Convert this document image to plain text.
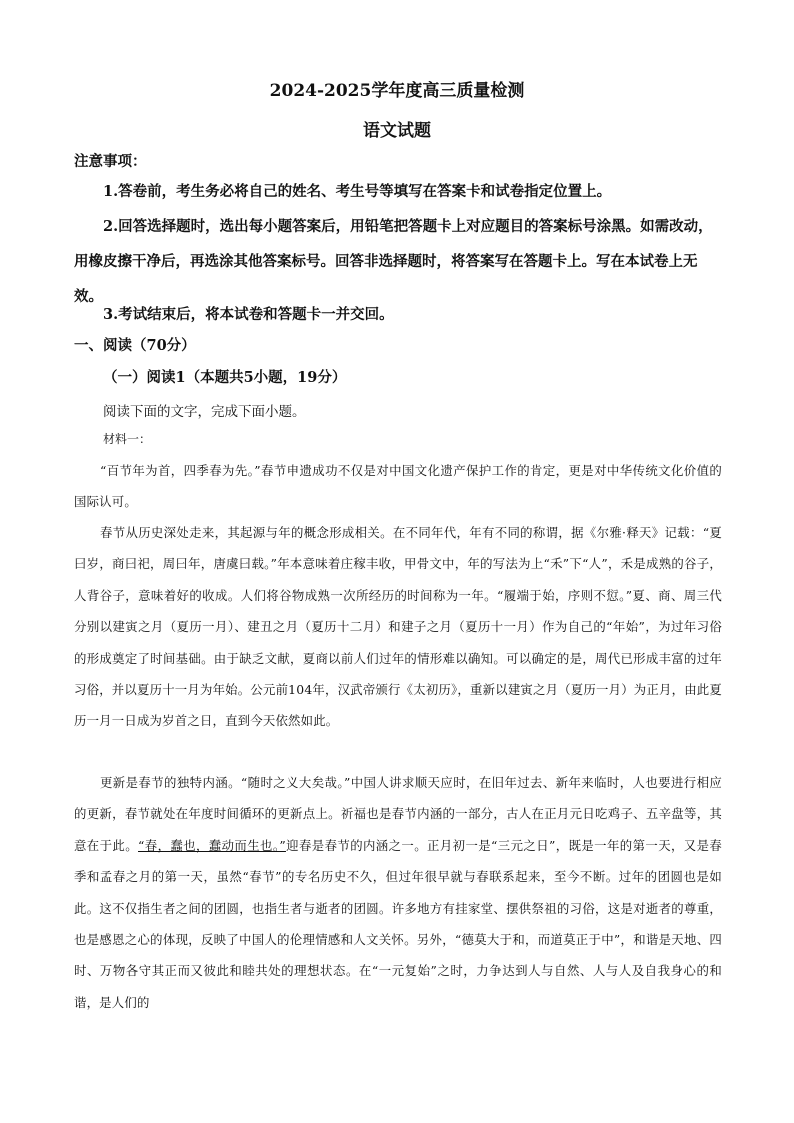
2024-2025学年度高三质量检测
语文试题
注意事项：
1.答卷前，考生务必将自己的姓名、考生号等填写在答案卡和试卷指定位置上。
2.回答选择题时，选出每小题答案后，用铅笔把答题卡上对应题目的答案标号涂黑。如需改动，用橡皮擦干净后，再选涂其他答案标号。回答非选择题时，将答案写在答题卡上。写在本试卷上无效。
3.考试结束后，将本试卷和答题卡一并交回。
一、阅读（70分）
（一）阅读1（本题共5小题，19分）
阅读下面的文字，完成下面小题。
材料一：
“百节年为首，四季春为先。”春节申遗成功不仅是对中国文化遗产保护工作的肯定，更是对中华传统文化价值的国际认可。
春节从历史深处走来，其起源与年的概念形成相关。在不同年代，年有不同的称谓，据《尔雅·释天》记载：“夏曰岁，商曰祀，周曰年，唐虞曰载。”年本意味着庄稼丰收，甲骨文中，年的写法为上“禾”下“人”，禾是成熟的谷子，人背谷子，意味着好的收成。人们将谷物成熟一次所经历的时间称为一年。“履端于始，序则不愆。”夏、商、周三代分别以建寅之月（夏历一月）、建丑之月（夏历十二月）和建子之月（夏历十一月）作为自己的“年始”，为过年习俗的形成奠定了时间基础。由于缺乏文献，夏商以前人们过年的情形难以确知。可以确定的是，周代已形成丰富的过年习俗，并以夏历十一月为年始。公元前104年，汉武帝颁行《太初历》，重新以建寅之月（夏历一月）为正月，由此夏历一月一日成为岁首之日，直到今天依然如此。
更新是春节的独特内涵。“随时之义大矣哉。”中国人讲求顺天应时，在旧年过去、新年来临时，人也要进行相应的更新，春节就处在年度时间循环的更新点上。祈福也是春节内涵的一部分，古人在正月元日吃鸡子、五辛盘等，其意在于此。“春，蠢也，蠢动而生也。”迎春是春节的内涵之一。正月初一是“三元之日”，既是一年的第一天，又是春季和孟春之月的第一天，虽然“春节”的专名历史不久，但过年很早就与春联系起来，至今不断。过年的团圆也是如此。这不仅指生者之间的团圆，也指生者与逝者的团圆。许多地方有挂家堂、摆供祭祖的习俗，这是对逝者的尊重，也是感恩之心的体现，反映了中国人的伦理情感和人文关怀。另外，“德莫大于和，而道莫正于中”，和谐是天地、四时、万物各守其正而又彼此和睦共处的理想状态。在“一元复始”之时，力争达到人与自然、人与人及自我身心的和谐，是人们的
